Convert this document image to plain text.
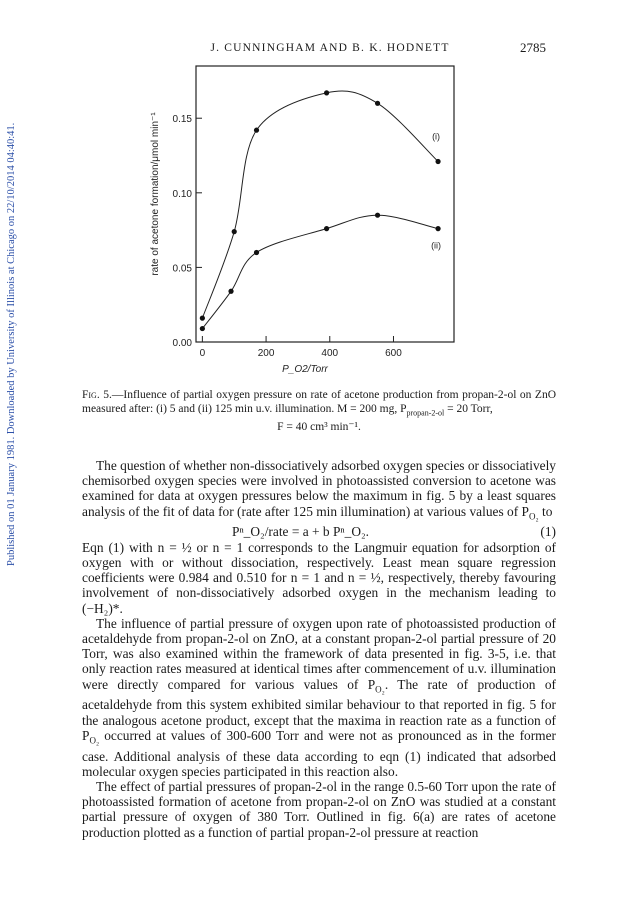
Published on 01 January 1981. Downloaded by University of Illinois at Chicago on 22/10/2014 04:40:41.
J. CUNNINGHAM AND B. K. HODNETT	2785
0.00
0.05
0.10
0.15
0	200	400	600
P_O2/Torr
rate of acetone formation/μmol min⁻¹	(i)
(ii)
Fig. 5.—Influence of partial oxygen pressure on rate of acetone production from propan-2-ol on ZnO measured after: (i) 5 and (ii) 125 min u.v. illumination. M = 200 mg, $P_{propan-2-ol} = 20$ Torr,
F = 40 cm³ min⁻¹.

The question of whether non-dissociatively adsorbed oxygen species or dissociatively chemisorbed oxygen species were involved in photoassisted conversion to acetone was examined for data at oxygen pressures below the maximum in fig. 5 by a least squares analysis of the fit of data for (rate after 125 min illumination) at various values of $P_{O_2}$ to

Pⁿ_O₂/rate = a + b Pⁿ_O₂.	(1)

Eqn (1) with n = ½ or n = 1 corresponds to the Langmuir equation for adsorption of oxygen with or without dissociation, respectively. Least mean square regression coefficients were 0.984 and 0.510 for n = 1 and n = ½, respectively, thereby favouring involvement of non-dissociatively adsorbed oxygen in the mechanism leading to (−H₂)*.

The influence of partial pressure of oxygen upon rate of photoassisted production of acetaldehyde from propan-2-ol on ZnO, at a constant propan-2-ol partial pressure of 20 Torr, was also examined within the framework of data presented in fig. 3-5, i.e. that only reaction rates measured at identical times after commencement of u.v. illumination were directly compared for various values of $P_{O_2}$. The rate of production of acetaldehyde from this system exhibited similar behaviour to that reported in fig. 5 for the analogous acetone product, except that the maxima in reaction rate as a function of $P_{O_2}$ occurred at values of 300-600 Torr and were not as pronounced as in the former case. Additional analysis of these data according to eqn (1) indicated that adsorbed molecular oxygen species participated in this reaction also.

The effect of partial pressures of propan-2-ol in the range 0.5-60 Torr upon the rate of photoassisted formation of acetone from propan-2-ol on ZnO was studied at a constant partial pressure of oxygen of 380 Torr. Outlined in fig. 6(a) are rates of acetone production plotted as a function of partial propan-2-ol pressure at reaction
